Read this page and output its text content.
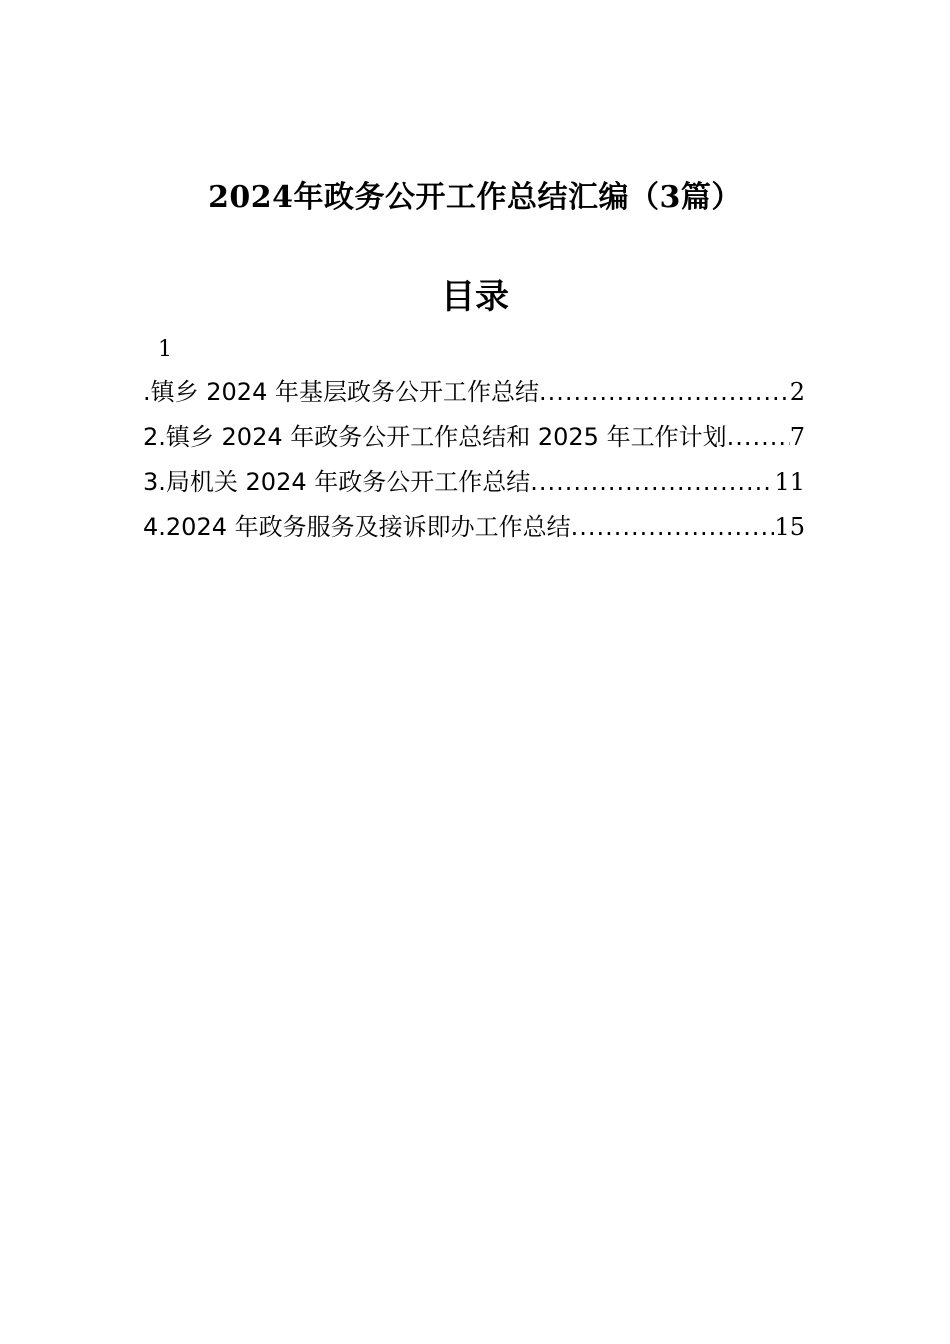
2024年政务公开工作总结汇编（3篇）
目录
1
.镇乡 2024 年基层政务公开工作总结 .....	2
2.镇乡 2024 年政务公开工作总结和 2025 年工作计划 .....	7
3.局机关 2024 年政务公开工作总结 .....	11
4.2024 年政务服务及接诉即办工作总结 .....	15
